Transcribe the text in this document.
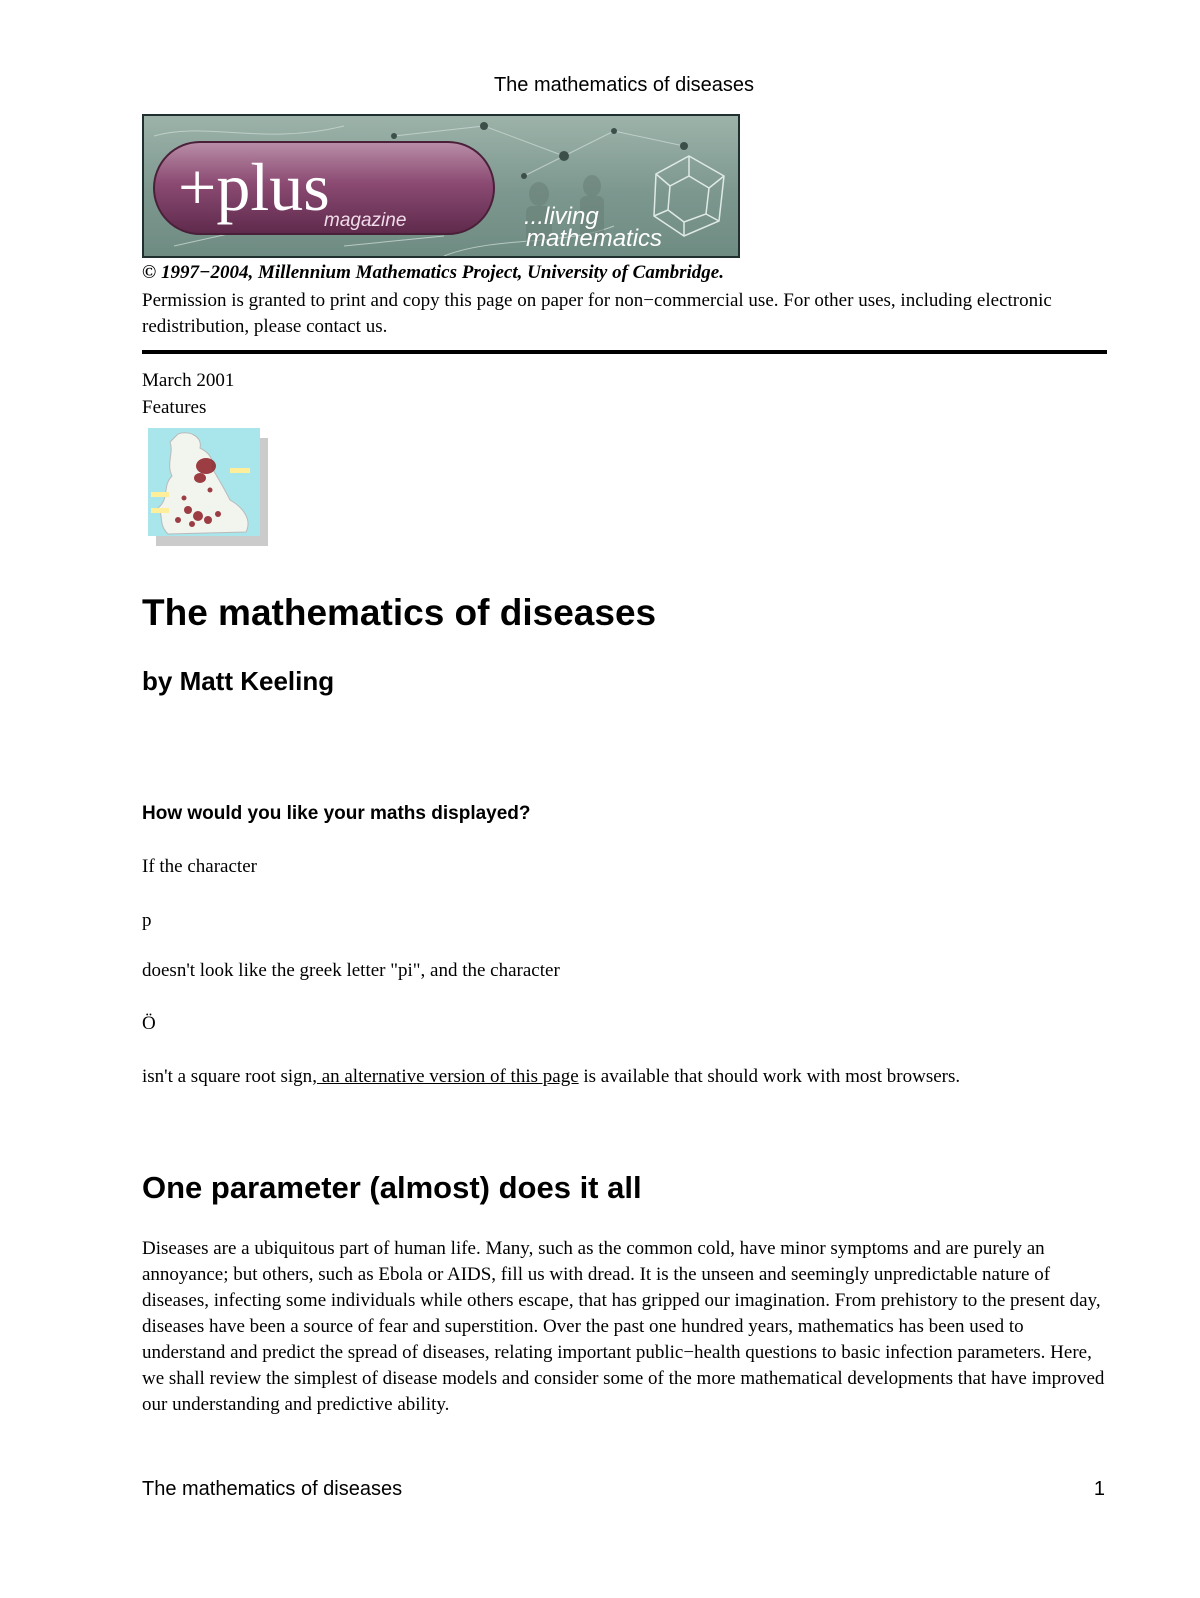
The mathematics of diseases
+plus
magazine	...living
mathematics
© 1997−2004, Millennium Mathematics Project, University of Cambridge.
Permission is granted to print and copy this page on paper for non−commercial use. For other uses, including electronic redistribution, please contact us.
March 2001
Features
The mathematics of diseases
by Matt Keeling
How would you like your maths displayed?
If the character
p
doesn't look like the greek letter "pi", and the character
Ö
isn't a square root sign, an alternative version of this page is available that should work with most browsers.
One parameter (almost) does it all
Diseases are a ubiquitous part of human life. Many, such as the common cold, have minor symptoms and are purely an annoyance; but others, such as Ebola or AIDS, fill us with dread. It is the unseen and seemingly unpredictable nature of diseases, infecting some individuals while others escape, that has gripped our imagination. From prehistory to the present day, diseases have been a source of fear and superstition. Over the past one hundred years, mathematics has been used to understand and predict the spread of diseases, relating important public−health questions to basic infection parameters. Here, we shall review the simplest of disease models and consider some of the more mathematical developments that have improved our understanding and predictive ability.
The mathematics of diseases	1
